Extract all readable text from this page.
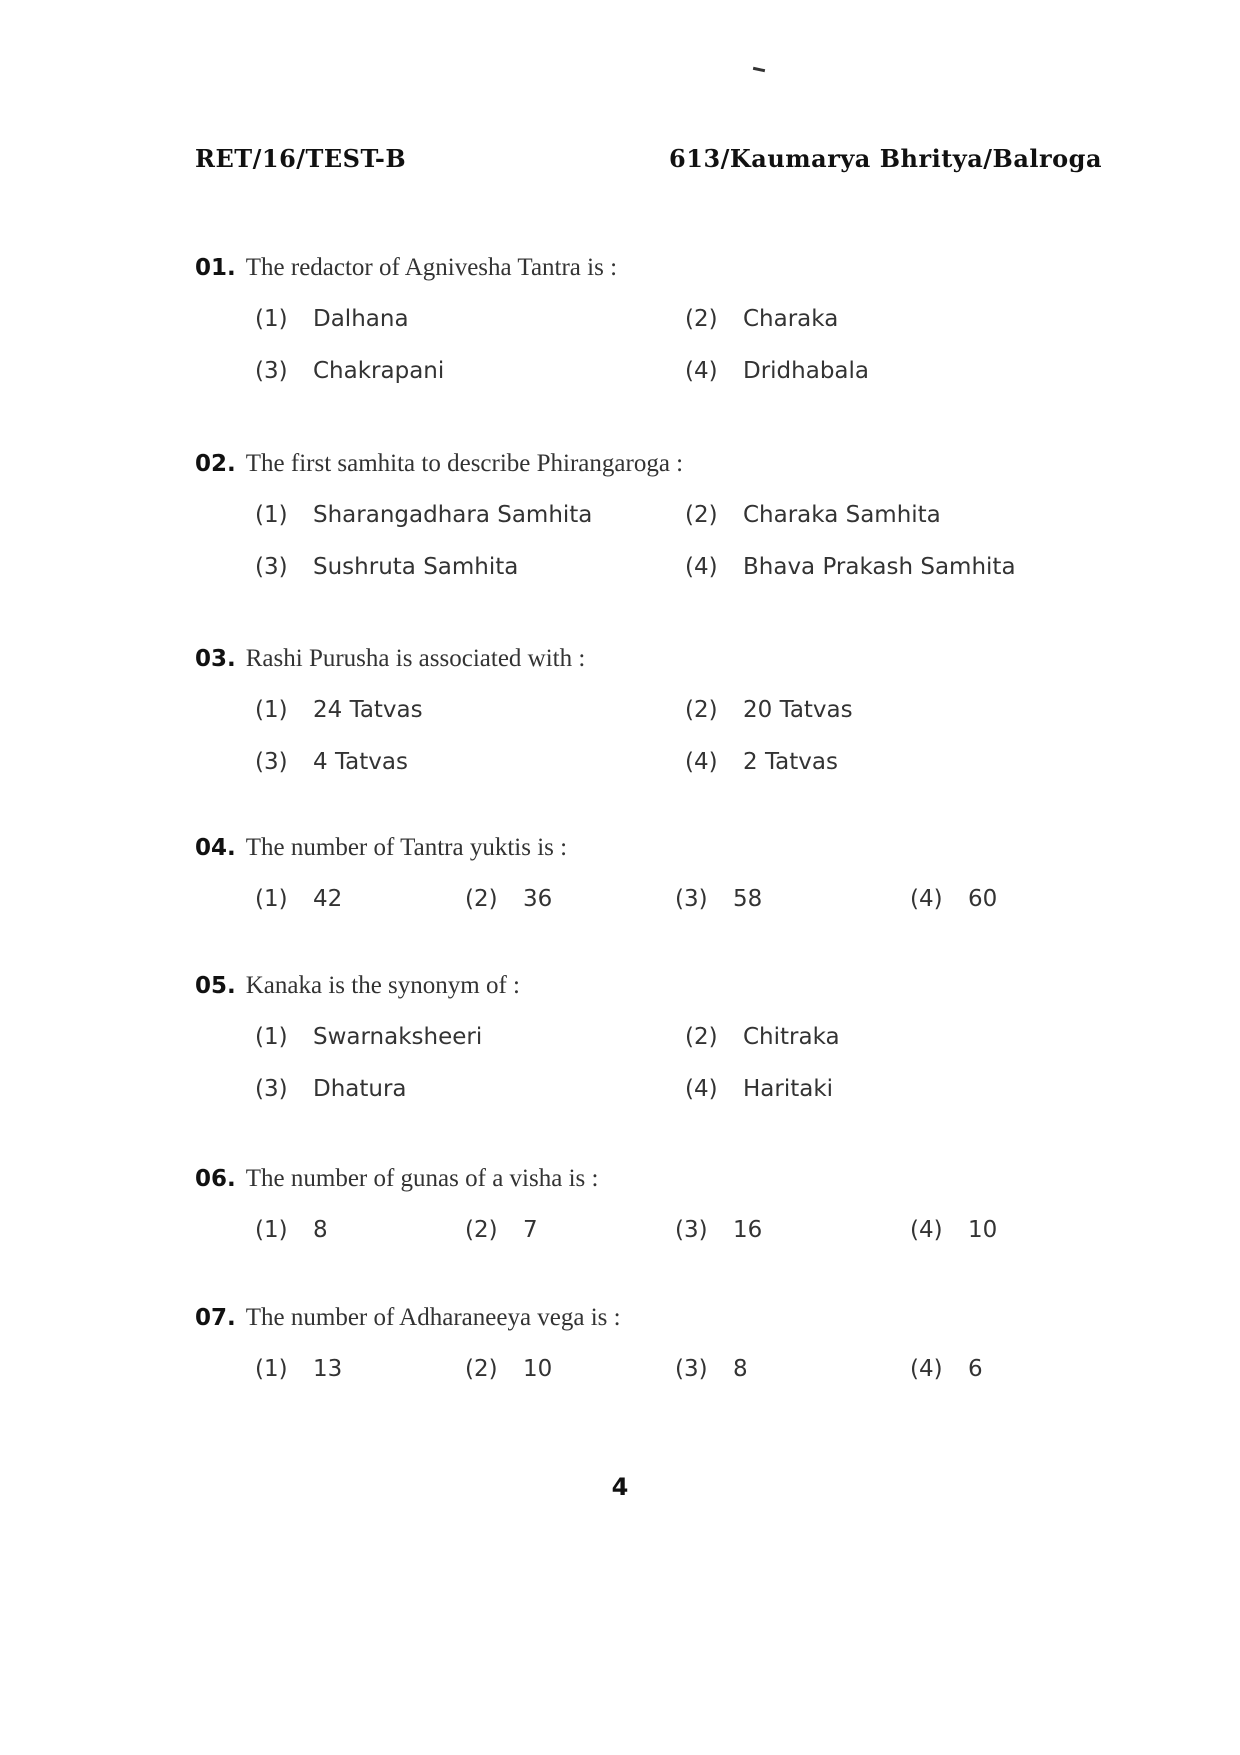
RET/16/TEST-B	613/Kaumarya Bhritya/Balroga
01. The redactor of Agnivesha Tantra is :
(1) Dalhana	(2) Charaka
(3) Chakrapani	(4) Dridhabala
02. The first samhita to describe Phirangaroga :
(1) Sharangadhara Samhita	(2) Charaka Samhita
(3) Sushruta Samhita	(4) Bhava Prakash Samhita
03. Rashi Purusha is associated with :
(1) 24 Tatvas	(2) 20 Tatvas
(3) 4 Tatvas	(4) 2 Tatvas
04. The number of Tantra yuktis is :
(1) 42	(2) 36	(3) 58	(4) 60
05. Kanaka is the synonym of :
(1) Swarnaksheeri	(2) Chitraka
(3) Dhatura	(4) Haritaki
06. The number of gunas of a visha is :
(1) 8	(2) 7	(3) 16	(4) 10
07. The number of Adharaneeya vega is :
(1) 13	(2) 10	(3) 8	(4) 6
4
